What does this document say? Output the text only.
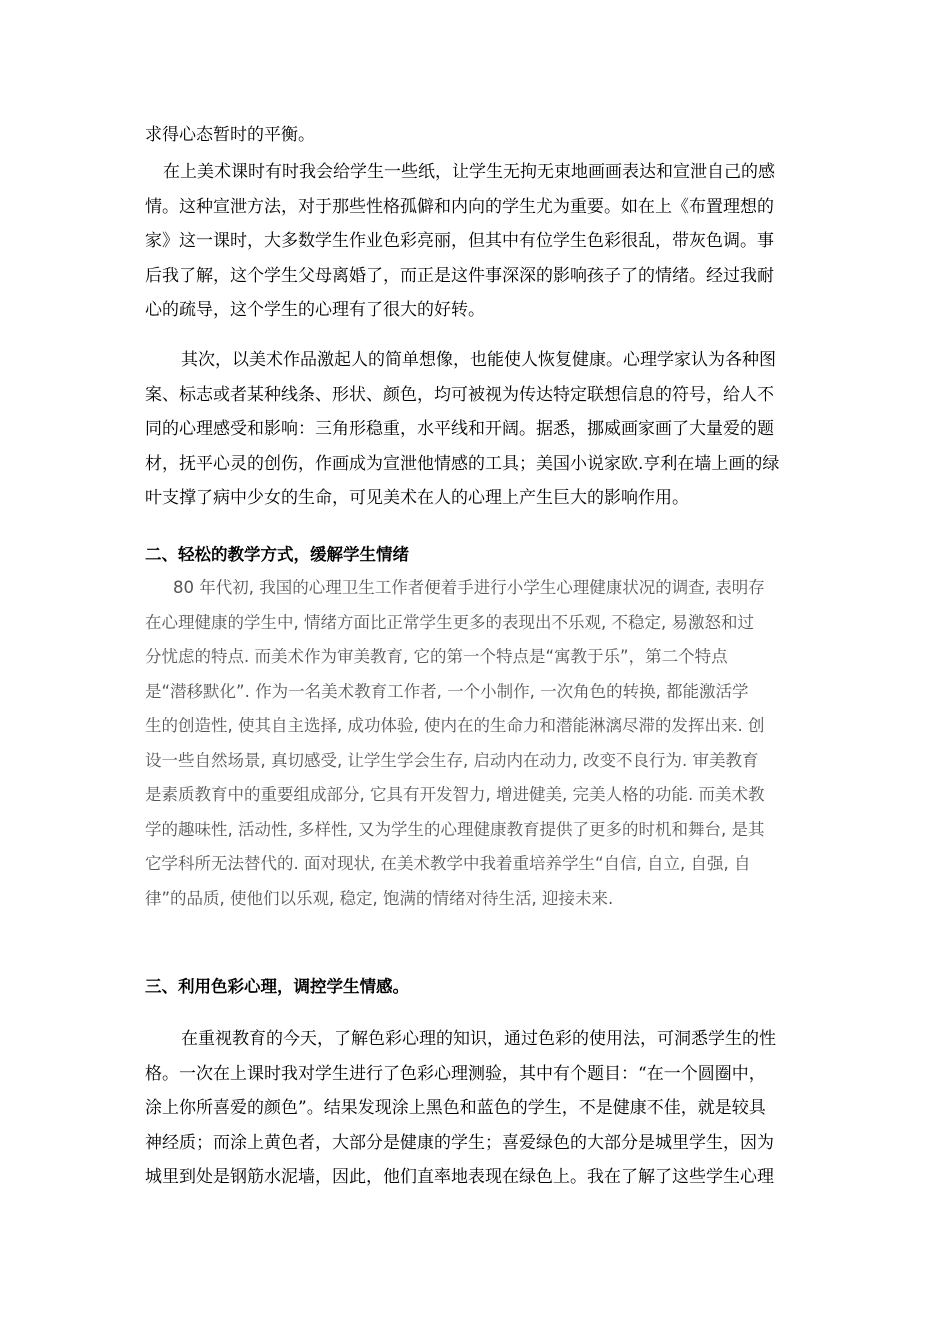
求得心态暂时的平衡。
在上美术课时有时我会给学生一些纸，让学生无拘无束地画画表达和宣泄自己的感
情。这种宣泄方法，对于那些性格孤僻和内向的学生尤为重要。如在上《布置理想的
家》这一课时，大多数学生作业色彩亮丽，但其中有位学生色彩很乱，带灰色调。事
后我了解，这个学生父母离婚了，而正是这件事深深的影响孩子了的情绪。经过我耐
心的疏导，这个学生的心理有了很大的好转。
其次，以美术作品激起人的简单想像，也能使人恢复健康。心理学家认为各种图
案、标志或者某种线条、形状、颜色，均可被视为传达特定联想信息的符号，给人不
同的心理感受和影响：三角形稳重，水平线和开阔。据悉，挪威画家画了大量爱的题
材，抚平心灵的创伤，作画成为宣泄他情感的工具；美国小说家欧.亨利在墙上画的绿
叶支撑了病中少女的生命，可见美术在人的心理上产生巨大的影响作用。
二、轻松的教学方式，缓解学生情绪
80 年代初, 我国的心理卫生工作者便着手进行小学生心理健康状况的调查, 表明存
在心理健康的学生中, 情绪方面比正常学生更多的表现出不乐观, 不稳定, 易激怒和过
分忧虑的特点. 而美术作为审美教育, 它的第一个特点是“寓教于乐”，第二个特点
是“潜移默化”. 作为一名美术教育工作者, 一个小制作, 一次角色的转换, 都能激活学
生的创造性, 使其自主选择, 成功体验, 使内在的生命力和潜能淋漓尽滞的发挥出来. 创
设一些自然场景, 真切感受, 让学生学会生存, 启动内在动力, 改变不良行为. 审美教育
是素质教育中的重要组成部分, 它具有开发智力, 增进健美, 完美人格的功能. 而美术教
学的趣味性, 活动性, 多样性, 又为学生的心理健康教育提供了更多的时机和舞台, 是其
它学科所无法替代的. 面对现状, 在美术教学中我着重培养学生“自信, 自立, 自强, 自
律”的品质, 使他们以乐观, 稳定, 饱满的情绪对待生活, 迎接未来.
三、利用色彩心理，调控学生情感。
在重视教育的今天，了解色彩心理的知识，通过色彩的使用法，可洞悉学生的性
格。一次在上课时我对学生进行了色彩心理测验，其中有个题目：“在一个圆圈中，
涂上你所喜爱的颜色”。结果发现涂上黑色和蓝色的学生，不是健康不佳，就是较具
神经质；而涂上黄色者，大部分是健康的学生；喜爱绿色的大部分是城里学生，因为
城里到处是钢筋水泥墙，因此，他们直率地表现在绿色上。我在了解了这些学生心理
